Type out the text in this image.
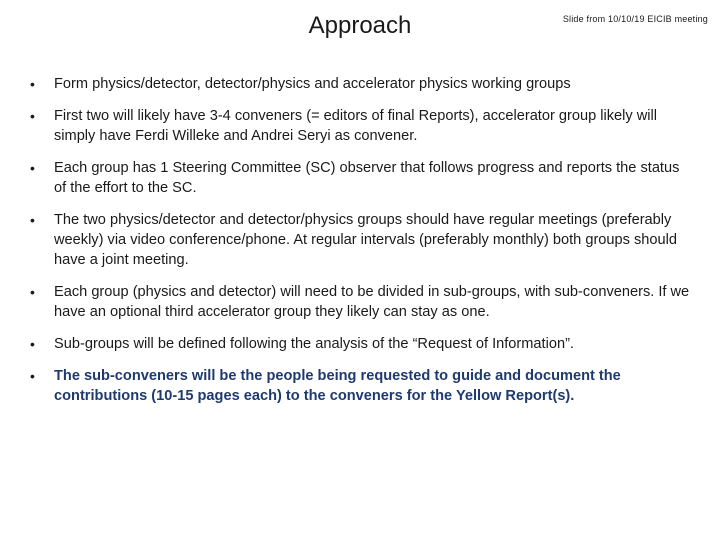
Approach	Slide from 10/10/19 EICIB meeting
• Form physics/detector, detector/physics and accelerator physics working groups
• First two will likely have 3-4 conveners (= editors of final Reports), accelerator group likely will simply have Ferdi Willeke and Andrei Seryi as convener.
• Each group has 1 Steering Committee (SC) observer that follows progress and reports the status of the effort to the SC.
• The two physics/detector and detector/physics groups should have regular meetings (preferably weekly) via video conference/phone. At regular intervals (preferably monthly) both groups should have a joint meeting.
• Each group (physics and detector) will need to be divided in sub-groups, with sub-conveners. If we have an optional third accelerator group they likely can stay as one.
• Sub-groups will be defined following the analysis of the “Request of Information”.
• The sub-conveners will be the people being requested to guide and document the contributions (10-15 pages each) to the conveners for the Yellow Report(s).
